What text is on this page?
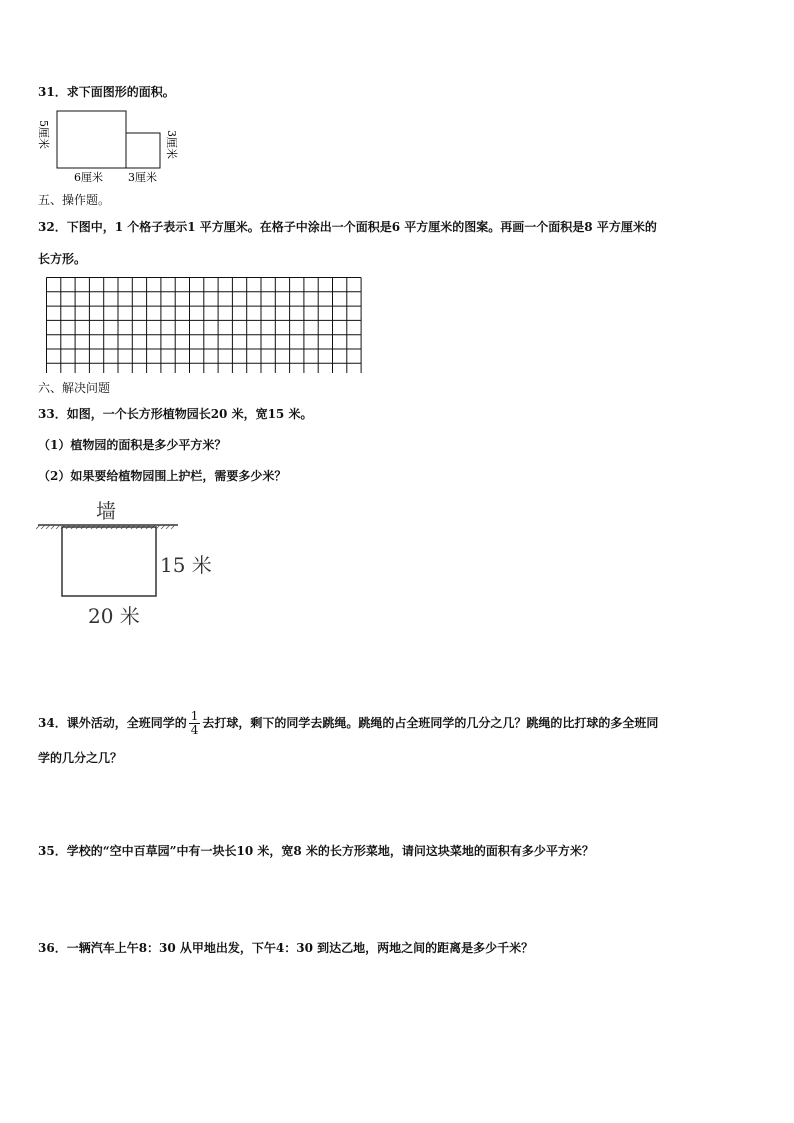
31．求下面图形的面积。
5厘米	3厘米
6厘米 3厘米
五、操作题。
32．下图中，1 个格子表示1 平方厘米。在格子中涂出一个面积是6 平方厘米的图案。再画一个面积是8 平方厘米的
长方形。
六、解决问题
33．如图，一个长方形植物园长20 米，宽15 米。
（1）植物园的面积是多少平方米？
（2）如果要给植物园围上护栏，需要多少米？
墙
15 米
20 米
34．课外活动，全班同学的 $\frac{1}{4}$ 去打球，剩下的同学去跳绳。跳绳的占全班同学的几分之几？跳绳的比打球的多全班同
学的几分之几？
35．学校的“空中百草园”中有一块长10 米，宽8 米的长方形菜地，请问这块菜地的面积有多少平方米？
36．一辆汽车上午8：30 从甲地出发，下午4：30 到达乙地，两地之间的距离是多少千米？
